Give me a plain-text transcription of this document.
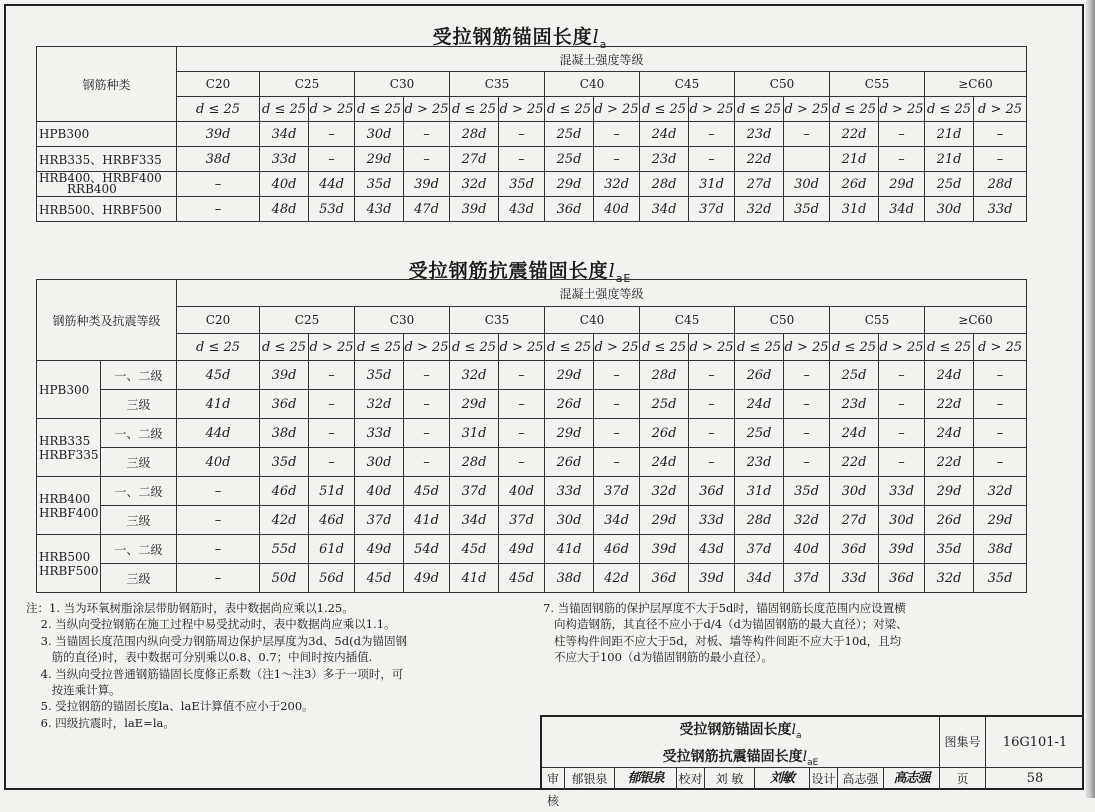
受拉钢筋锚固长度$l_a$
钢筋种类	混凝土强度等级																
	C20	C25		C30		C35		C40		C45		C50		C55		≥C60	
	d ≤ 25	d ≤ 25	d > 25	d ≤ 25	d > 25	d ≤ 25	d > 25	d ≤ 25	d > 25	d ≤ 25	d > 25	d ≤ 25	d > 25	d ≤ 25	d > 25	d ≤ 25	d > 25
HPB300	39d	34d	–	30d	–	28d	–	25d	–	24d	–	23d	–	22d	–	21d	–
HRB335、HRBF335	38d	33d	–	29d	–	27d	–	25d	–	23d	–	22d		21d	–	21d	–

HRB400、HRBF400
RRB400	–	40d	44d	35d	39d	32d	35d	29d	32d	28d	31d	27d	30d	26d	29d	25d	28d
HRB500、HRBF500	–	48d	53d	43d	47d	39d	43d	36d	40d	34d	37d	32d	35d	31d	34d	30d	33d
受拉钢筋抗震锚固长度$l_{aE}$
钢筋种类及抗震等级		混凝土强度等级																
		C20	C25		C30		C35		C40		C45		C50		C55		≥C60	
		d ≤ 25	d ≤ 25	d > 25	d ≤ 25	d > 25	d ≤ 25	d > 25	d ≤ 25	d > 25	d ≤ 25	d > 25	d ≤ 25	d > 25	d ≤ 25	d > 25	d ≤ 25	d > 25

HPB300	一、二级	45d	39d	–	35d	–	32d	–	29d	–	28d	–	26d	–	25d	–	24d	–
	三级	41d	36d	–	32d	–	29d	–	26d	–	25d	–	24d	–	23d	–	22d	–

HRB335
HRBF335	一、二级	44d	38d	–	33d	–	31d	–	29d	–	26d	–	25d	–	24d	–	24d	–
	三级	40d	35d	–	30d	–	28d	–	26d	–	24d	–	23d	–	22d	–	22d	–

HRB400
HRBF400	一、二级	–	46d	51d	40d	45d	37d	40d	33d	37d	32d	36d	31d	35d	30d	33d	29d	32d
	三级	–	42d	46d	37d	41d	34d	37d	30d	34d	29d	33d	28d	32d	27d	30d	26d	29d

HRB500
HRBF500	一、二级	–	55d	61d	49d	54d	45d	49d	41d	46d	39d	43d	37d	40d	36d	39d	35d	38d
	三级	–	50d	56d	45d	49d	41d	45d	38d	42d	36d	39d	34d	37d	33d	36d	32d	35d
注：1. 当为环氧树脂涂层带肋钢筋时，表中数据尚应乘以1.25。
2. 当纵向受拉钢筋在施工过程中易受扰动时，表中数据尚应乘以1.1。
3. 当锚固长度范围内纵向受力钢筋周边保护层厚度为3d、5d(d为锚固钢
筋的直径)时，表中数据可分别乘以0.8、0.7；中间时按内插值.
4. 当纵向受拉普通钢筋锚固长度修正系数（注1～注3）多于一项时，可
按连乘计算。
5. 受拉钢筋的锚固长度la、laE计算值不应小于200。
6. 四级抗震时，laE=la。
7. 当锚固钢筋的保护层厚度不大于5d时，锚固钢筋长度范围内应设置横
向构造钢筋，其直径不应小于d/4（d为锚固钢筋的最大直径）；对梁、
柱等构件间距不应大于5d，对板、墙等构件间距不应大于10d，且均
不应大于100（d为锚固钢筋的最小直径）。
受拉钢筋锚固长度$l_a$
受拉钢筋抗震锚固长度$l_{aE}$
图集号	16G101-1
审核
郁银泉	郁银泉	校对	刘 敏	刘敏	设计 高志强	高志强	页	58
